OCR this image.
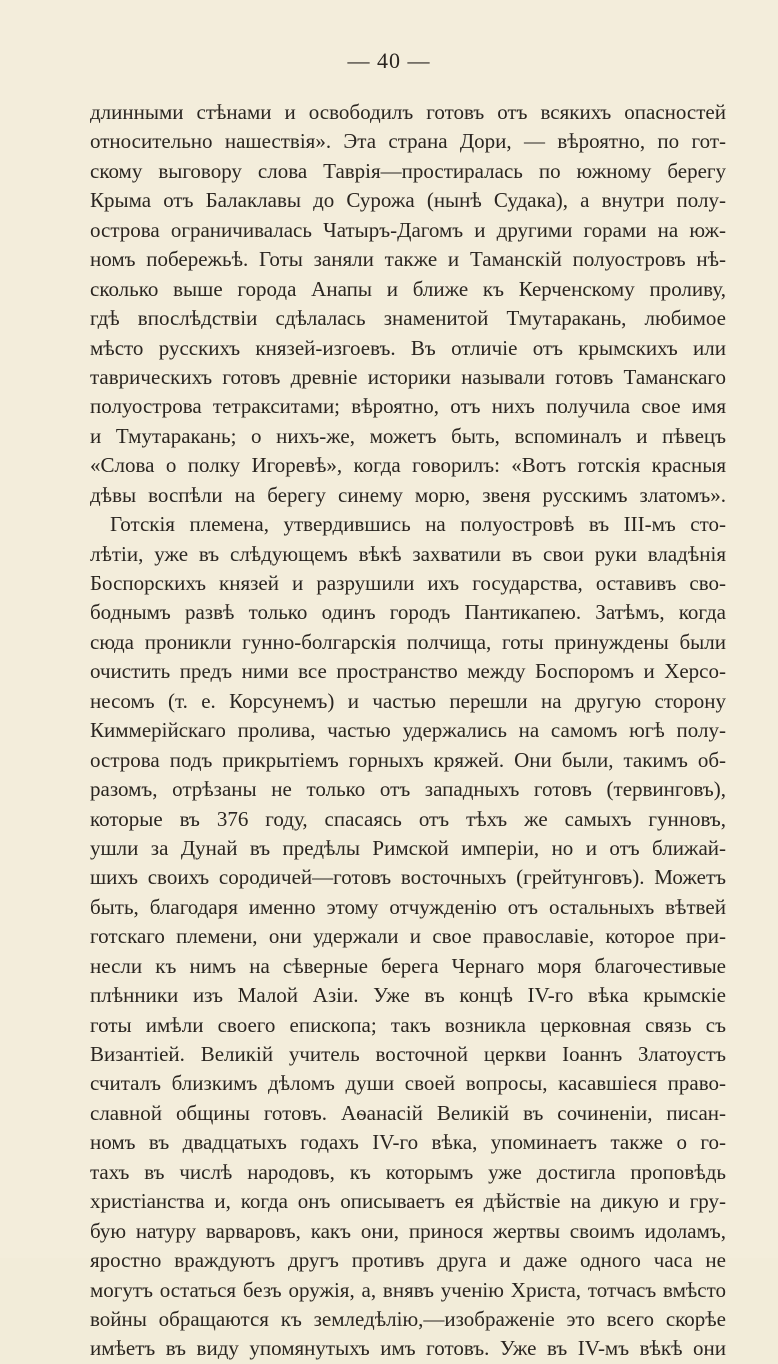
— 40 —
длинными стѣнами и освободилъ готовъ отъ всякихъ опасностей
относительно нашествія». Эта страна Дори, — вѣроятно, по гот-
скому выговору слова Таврія—простиралась по южному берегу
Крыма отъ Балаклавы до Сурожа (нынѣ Судака), а внутри полу-
острова ограничивалась Чатыръ-Дагомъ и другими горами на юж-
номъ побережьѣ. Готы заняли также и Таманскій полуостровъ нѣ-
сколько выше города Анапы и ближе къ Керченскому проливу,
гдѣ впослѣдствіи сдѣлалась знаменитой Тмутаракань, любимое
мѣсто русскихъ князей-изгоевъ. Въ отличіе отъ крымскихъ или
таврическихъ готовъ древніе историки называли готовъ Таманскаго
полуострова тетракситами; вѣроятно, отъ нихъ получила свое имя
и Тмутаракань; о нихъ-же, можетъ быть, вспоминалъ и пѣвецъ
«Слова о полку Игоревѣ», когда говорилъ: «Вотъ готскія красныя
дѣвы воспѣли на берегу синему морю, звеня русскимъ златомъ».
Готскія племена, утвердившись на полуостровѣ въ III-мъ сто-
лѣтіи, уже въ слѣдующемъ вѣкѣ захватили въ свои руки владѣнія
Боспорскихъ князей и разрушили ихъ государства, оставивъ сво-
боднымъ развѣ только одинъ городъ Пантикапею. Затѣмъ, когда
сюда проникли гунно-болгарскія полчища, готы принуждены были
очистить предъ ними все пространство между Боспоромъ и Херсо-
несомъ (т. е. Корсунемъ) и частью перешли на другую сторону
Киммерійскаго пролива, частью удержались на самомъ югѣ полу-
острова подъ прикрытіемъ горныхъ кряжей. Они были, такимъ об-
разомъ, отрѣзаны не только отъ западныхъ готовъ (тервинговъ),
которые въ 376 году, спасаясь отъ тѣхъ же самыхъ гунновъ,
ушли за Дунай въ предѣлы Римской имперіи, но и отъ ближай-
шихъ своихъ сородичей—готовъ восточныхъ (грейтунговъ). Можетъ
быть, благодаря именно этому отчужденію отъ остальныхъ вѣтвей
готскаго племени, они удержали и свое православіе, которое при-
несли къ нимъ на сѣверные берега Чернаго моря благочестивые
плѣнники изъ Малой Азіи. Уже въ концѣ IV-го вѣка крымскіе
готы имѣли своего епископа; такъ возникла церковная связь съ
Византіей. Великій учитель восточной церкви Іоаннъ Златоустъ
считалъ близкимъ дѣломъ души своей вопросы, касавшіеся право-
славной общины готовъ. Аѳанасій Великій въ сочиненіи, писан-
номъ въ двадцатыхъ годахъ IV-го вѣка, упоминаетъ также о го-
тахъ въ числѣ народовъ, къ которымъ уже достигла проповѣдь
христіанства и, когда онъ описываетъ ея дѣйствіе на дикую и гру-
бую натуру варваровъ, какъ они, принося жертвы своимъ идоламъ,
яростно враждуютъ другъ противъ друга и даже одного часа не
могутъ остаться безъ оружія, а, внявъ ученію Христа, тотчасъ вмѣсто
войны обращаются къ земледѣлію,—изображеніе это всего скорѣе
имѣетъ въ виду упомянутыхъ имъ готовъ. Уже въ IV-мъ вѣкѣ они
